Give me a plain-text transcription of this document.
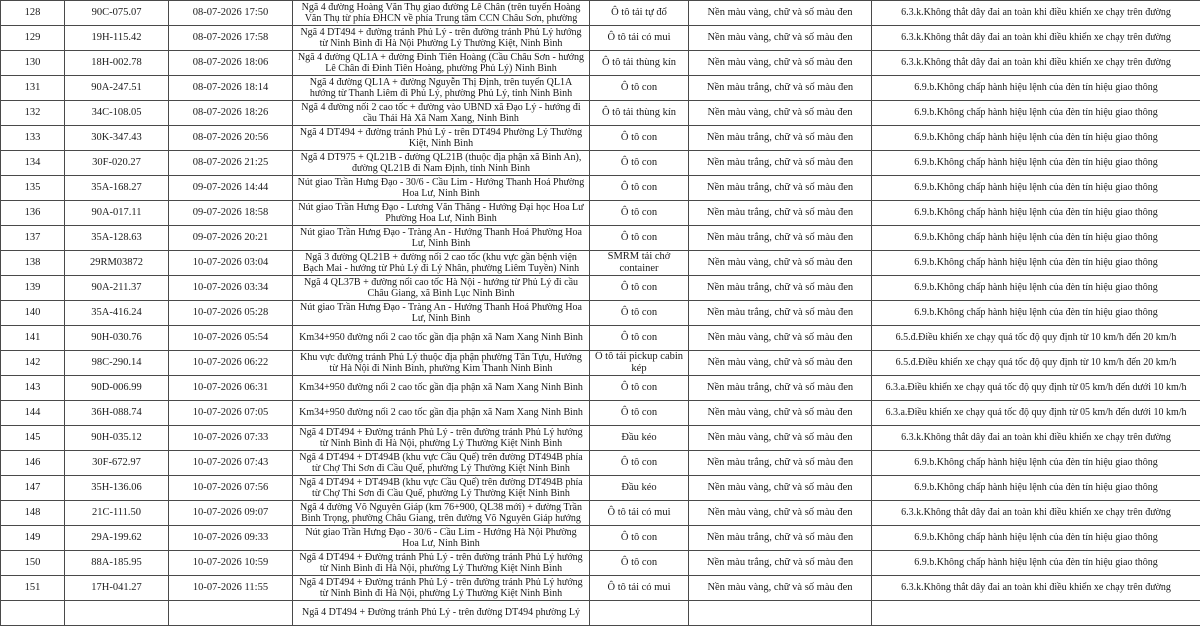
128	90C-075.07	08-07-2026 17:50	Ngã 4 đường Hoàng Văn Thụ giao đường Lê Chân (trên tuyến Hoàng Văn Thụ từ phía ĐHCN về phía Trung tâm CCN Châu Sơn, phường	Ô tô tải tự đổ	Nền màu vàng, chữ và số màu đen	6.3.k.Không thắt dây đai an toàn khi điều khiển xe chạy trên đường
129	19H-115.42	08-07-2026 17:58	Ngã 4 DT494 + đường tránh Phủ Lý - trên đường tránh Phủ Lý hướng từ Ninh Bình đi Hà Nội Phường Lý Thường Kiệt, Ninh Bình	Ô tô tải có mui	Nền màu vàng, chữ và số màu đen	6.3.k.Không thắt dây đai an toàn khi điều khiển xe chạy trên đường
130	18H-002.78	08-07-2026 18:06	Ngã 4 đường QL1A + đường Đinh Tiên Hoàng (Cầu Châu Sơn - hướng Lê Chân đi Đinh Tiên Hoàng, phường Phủ Lý) Ninh Bình	Ô tô tải thùng kín	Nền màu vàng, chữ và số màu đen	6.3.k.Không thắt dây đai an toàn khi điều khiển xe chạy trên đường
131	90A-247.51	08-07-2026 18:14	Ngã 4 đường QL1A + đường Nguyễn Thị Định, trên tuyến QL1A hướng từ Thanh Liêm đi Phủ Lý, phường Phủ Lý, tỉnh Ninh Bình	Ô tô con	Nền màu trắng, chữ và số màu đen	6.9.b.Không chấp hành hiệu lệnh của đèn tín hiệu giao thông
132	34C-108.05	08-07-2026 18:26	Ngã 4 đường nối 2 cao tốc + đường vào UBND xã Đạo Lý - hướng đi cầu Thái Hà Xã Nam Xang, Ninh Bình	Ô tô tải thùng kín	Nền màu vàng, chữ và số màu đen	6.9.b.Không chấp hành hiệu lệnh của đèn tín hiệu giao thông
133	30K-347.43	08-07-2026 20:56	Ngã 4 DT494 + đường tránh Phủ Lý - trên DT494 Phường Lý Thường Kiệt, Ninh Bình	Ô tô con	Nền màu trắng, chữ và số màu đen	6.9.b.Không chấp hành hiệu lệnh của đèn tín hiệu giao thông
134	30F-020.27	08-07-2026 21:25	Ngã 4 DT975 + QL21B - đường QL21B (thuộc địa phận xã Bình An), đường QL21B đi Nam Định, tỉnh Ninh Bình	Ô tô con	Nền màu trắng, chữ và số màu đen	6.9.b.Không chấp hành hiệu lệnh của đèn tín hiệu giao thông
135	35A-168.27	09-07-2026 14:44	Nút giao Trần Hưng Đạo - 30/6 - Cầu Lim - Hướng Thanh Hoá Phường Hoa Lư, Ninh Bình	Ô tô con	Nền màu trắng, chữ và số màu đen	6.9.b.Không chấp hành hiệu lệnh của đèn tín hiệu giao thông
136	90A-017.11	09-07-2026 18:58	Nút giao Trần Hưng Đạo - Lương Văn Thăng - Hướng Đại học Hoa Lư Phường Hoa Lư, Ninh Bình	Ô tô con	Nền màu trắng, chữ và số màu đen	6.9.b.Không chấp hành hiệu lệnh của đèn tín hiệu giao thông
137	35A-128.63	09-07-2026 20:21	Nút giao Trần Hưng Đạo - Tràng An - Hướng Thanh Hoá Phường Hoa Lư, Ninh Bình	Ô tô con	Nền màu trắng, chữ và số màu đen	6.9.b.Không chấp hành hiệu lệnh của đèn tín hiệu giao thông
138	29RM03872	10-07-2026 03:04	Ngã 3 đường QL21B + đường nối 2 cao tốc (khu vực gần bệnh viện Bạch Mai - hướng từ Phủ Lý đi Lý Nhân, phường Liêm Tuyền) Ninh	SMRM tải chở container	Nền màu vàng, chữ và số màu đen	6.9.b.Không chấp hành hiệu lệnh của đèn tín hiệu giao thông
139	90A-211.37	10-07-2026 03:34	Ngã 4 QL37B + đường nối cao tốc Hà Nội - hướng từ Phủ Lý đi cầu Châu Giang, xã Bình Lục Ninh Bình	Ô tô con	Nền màu trắng, chữ và số màu đen	6.9.b.Không chấp hành hiệu lệnh của đèn tín hiệu giao thông
140	35A-416.24	10-07-2026 05:28	Nút giao Trần Hưng Đạo - Tràng An - Hướng Thanh Hoá Phường Hoa Lư, Ninh Bình	Ô tô con	Nền màu trắng, chữ và số màu đen	6.9.b.Không chấp hành hiệu lệnh của đèn tín hiệu giao thông
141	90H-030.76	10-07-2026 05:54	Km34+950 đường nối 2 cao tốc gần địa phận xã Nam Xang Ninh Bình	Ô tô con	Nền màu vàng, chữ và số màu đen	6.5.đ.Điều khiển xe chạy quá tốc độ quy định từ 10 km/h đến 20 km/h
142	98C-290.14	10-07-2026 06:22	Khu vực đường tránh Phủ Lý thuộc địa phận phường Tân Tựu, Hướng từ Hà Nội đi Ninh Bình, phường Kim Thanh Ninh Bình	Ô tô tải pickup cabin kép	Nền màu vàng, chữ và số màu đen	6.5.đ.Điều khiển xe chạy quá tốc độ quy định từ 10 km/h đến 20 km/h
143	90D-006.99	10-07-2026 06:31	Km34+950 đường nối 2 cao tốc gần địa phận xã Nam Xang Ninh Bình	Ô tô con	Nền màu trắng, chữ và số màu đen	6.3.a.Điều khiển xe chạy quá tốc độ quy định từ 05 km/h đến dưới 10 km/h
144	36H-088.74	10-07-2026 07:05	Km34+950 đường nối 2 cao tốc gần địa phận xã Nam Xang Ninh Bình	Ô tô con	Nền màu vàng, chữ và số màu đen	6.3.a.Điều khiển xe chạy quá tốc độ quy định từ 05 km/h đến dưới 10 km/h
145	90H-035.12	10-07-2026 07:33	Ngã 4 DT494 + Đường tránh Phủ Lý - trên đường tránh Phủ Lý hướng từ Ninh Bình đi Hà Nội, phường Lý Thường Kiệt Ninh Bình	Đầu kéo	Nền màu vàng, chữ và số màu đen	6.3.k.Không thắt dây đai an toàn khi điều khiển xe chạy trên đường
146	30F-672.97	10-07-2026 07:43	Ngã 4 DT494 + DT494B (khu vực Cầu Quế) trên đường DT494B phía từ Chợ Thi Sơn đi Cầu Quế, phường Lý Thường Kiệt Ninh Bình	Ô tô con	Nền màu trắng, chữ và số màu đen	6.9.b.Không chấp hành hiệu lệnh của đèn tín hiệu giao thông
147	35H-136.06	10-07-2026 07:56	Ngã 4 DT494 + DT494B (khu vực Cầu Quế) trên đường DT494B phía từ Chợ Thi Sơn đi Cầu Quế, phường Lý Thường Kiệt Ninh Bình	Đầu kéo	Nền màu vàng, chữ và số màu đen	6.9.b.Không chấp hành hiệu lệnh của đèn tín hiệu giao thông
148	21C-111.50	10-07-2026 09:07	Ngã 4 đường Võ Nguyên Giáp (km 76+900, QL38 mới) + đường Trần Bình Trọng, phường Châu Giang, trên đường Võ Nguyên Giáp hướng	Ô tô tải có mui	Nền màu vàng, chữ và số màu đen	6.3.k.Không thắt dây đai an toàn khi điều khiển xe chạy trên đường
149	29A-199.62	10-07-2026 09:33	Nút giao Trần Hưng Đạo - 30/6 - Cầu Lim - Hướng Hà Nội Phường Hoa Lư, Ninh Bình	Ô tô con	Nền màu trắng, chữ và số màu đen	6.9.b.Không chấp hành hiệu lệnh của đèn tín hiệu giao thông
150	88A-185.95	10-07-2026 10:59	Ngã 4 DT494 + Đường tránh Phủ Lý - trên đường tránh Phủ Lý hướng từ Ninh Bình đi Hà Nội, phường Lý Thường Kiệt Ninh Bình	Ô tô con	Nền màu trắng, chữ và số màu đen	6.9.b.Không chấp hành hiệu lệnh của đèn tín hiệu giao thông
151	17H-041.27	10-07-2026 11:55	Ngã 4 DT494 + Đường tránh Phủ Lý - trên đường tránh Phủ Lý hướng từ Ninh Bình đi Hà Nội, phường Lý Thường Kiệt Ninh Bình	Ô tô tải có mui	Nền màu vàng, chữ và số màu đen	6.3.k.Không thắt dây đai an toàn khi điều khiển xe chạy trên đường
			Ngã 4 DT494 + Đường tránh Phủ Lý - trên đường DT494 phường Lý			
